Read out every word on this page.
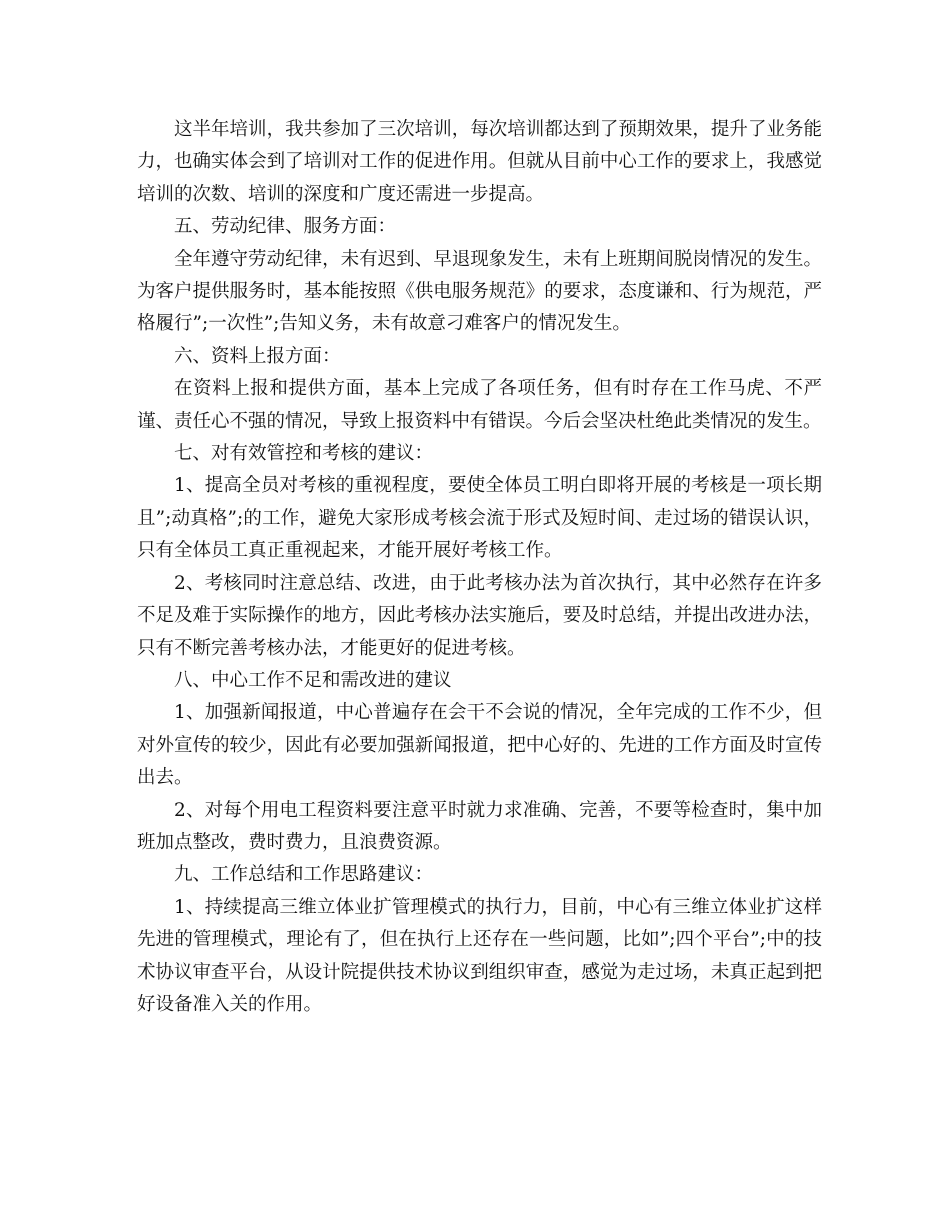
这半年培训，我共参加了三次培训，每次培训都达到了预期效果，提升了业务能力，也确实体会到了培训对工作的促进作用。但就从目前中心工作的要求上，我感觉培训的次数、培训的深度和广度还需进一步提高。

五、劳动纪律、服务方面：

全年遵守劳动纪律，未有迟到、早退现象发生，未有上班期间脱岗情况的发生。为客户提供服务时，基本能按照《供电服务规范》的要求，态度谦和、行为规范，严格履行”;一次性”;告知义务，未有故意刁难客户的情况发生。

六、资料上报方面：

在资料上报和提供方面，基本上完成了各项任务，但有时存在工作马虎、不严谨、责任心不强的情况，导致上报资料中有错误。今后会坚决杜绝此类情况的发生。

七、对有效管控和考核的建议：

1、提高全员对考核的重视程度，要使全体员工明白即将开展的考核是一项长期且”;动真格”;的工作，避免大家形成考核会流于形式及短时间、走过场的错误认识，只有全体员工真正重视起来，才能开展好考核工作。

2、考核同时注意总结、改进，由于此考核办法为首次执行，其中必然存在许多不足及难于实际操作的地方，因此考核办法实施后，要及时总结，并提出改进办法，只有不断完善考核办法，才能更好的促进考核。

八、中心工作不足和需改进的建议

1、加强新闻报道，中心普遍存在会干不会说的情况，全年完成的工作不少，但对外宣传的较少，因此有必要加强新闻报道，把中心好的、先进的工作方面及时宣传出去。

2、对每个用电工程资料要注意平时就力求准确、完善，不要等检查时，集中加班加点整改，费时费力，且浪费资源。

九、工作总结和工作思路建议：

1、持续提高三维立体业扩管理模式的执行力，目前，中心有三维立体业扩这样先进的管理模式，理论有了，但在执行上还存在一些问题，比如”;四个平台”;中的技术协议审查平台，从设计院提供技术协议到组织审查，感觉为走过场，未真正起到把好设备准入关的作用。
